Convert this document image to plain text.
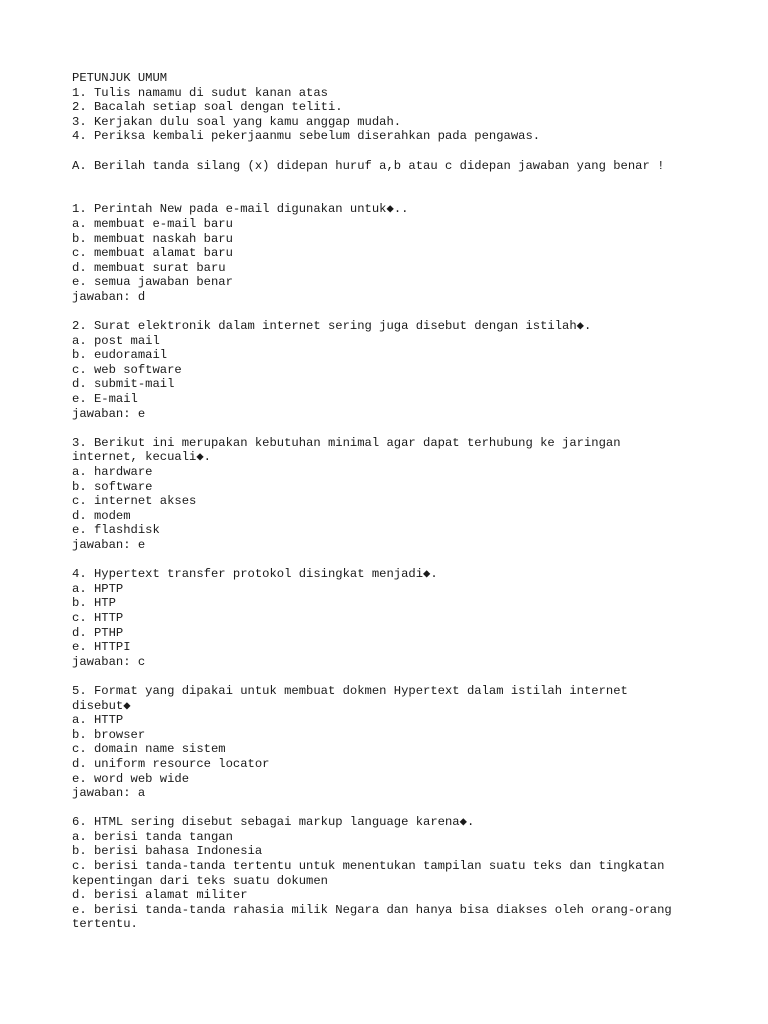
PETUNJUK UMUM
1. Tulis namamu di sudut kanan atas
2. Bacalah setiap soal dengan teliti.
3. Kerjakan dulu soal yang kamu anggap mudah.
4. Periksa kembali pekerjaanmu sebelum diserahkan pada pengawas.
A. Berilah tanda silang (x) didepan huruf a,b atau c didepan jawaban yang benar !
1. Perintah New pada e-mail digunakan untuk◆..
a. membuat e-mail baru
b. membuat naskah baru
c. membuat alamat baru
d. membuat surat baru
e. semua jawaban benar
jawaban: d
2. Surat elektronik dalam internet sering juga disebut dengan istilah◆.
a. post mail
b. eudoramail
c. web software
d. submit-mail
e. E-mail
jawaban: e
3. Berikut ini merupakan kebutuhan minimal agar dapat terhubung ke jaringan
internet, kecuali◆.
a. hardware
b. software
c. internet akses
d. modem
e. flashdisk
jawaban: e
4. Hypertext transfer protokol disingkat menjadi◆.
a. HPTP
b. HTP
c. HTTP
d. PTHP
e. HTTPI
jawaban: c
5. Format yang dipakai untuk membuat dokmen Hypertext dalam istilah internet
disebut◆
a. HTTP
b. browser
c. domain name sistem
d. uniform resource locator
e. word web wide
jawaban: a
6. HTML sering disebut sebagai markup language karena◆.
a. berisi tanda tangan
b. berisi bahasa Indonesia
c. berisi tanda-tanda tertentu untuk menentukan tampilan suatu teks dan tingkatan
kepentingan dari teks suatu dokumen
d. berisi alamat militer
e. berisi tanda-tanda rahasia milik Negara dan hanya bisa diakses oleh orang-orang
tertentu.
